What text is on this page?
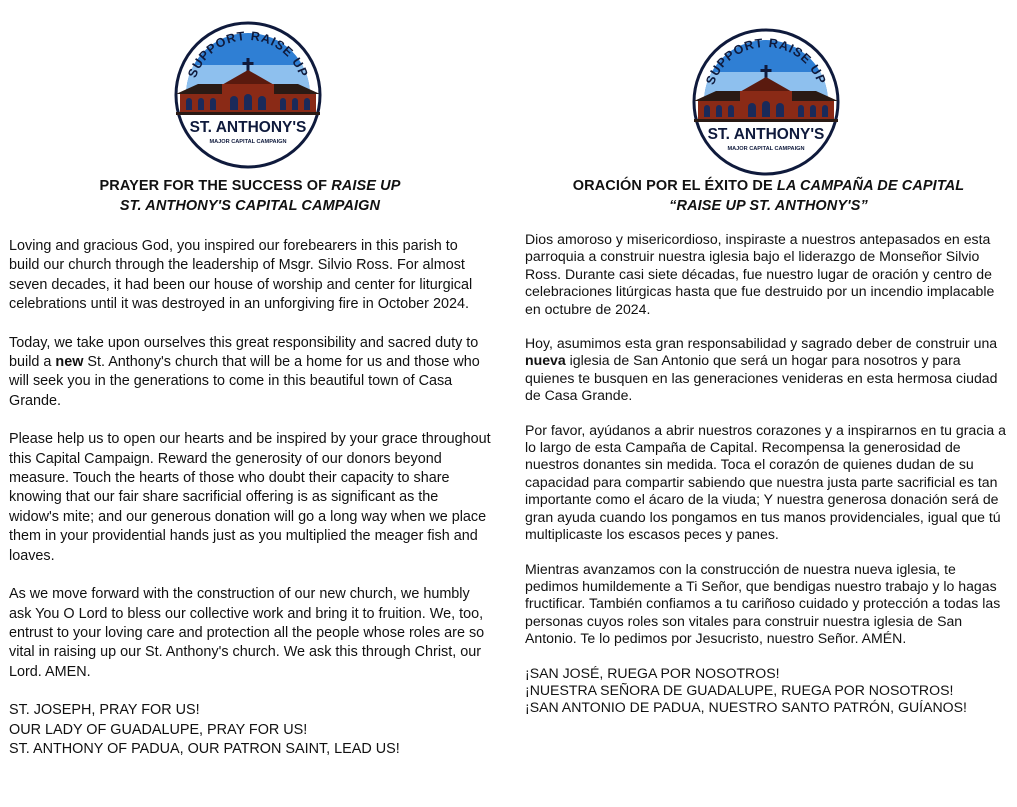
SUPPORT RAISE UP
ST. ANTHONY'S
MAJOR CAPITAL CAMPAIGN
PRAYER FOR THE SUCCESS OF RAISE UP
ST. ANTHONY'S CAPITAL CAMPAIGN

Loving and gracious God, you inspired our forebearers in this parish to build our church through the leadership of Msgr. Silvio Ross. For almost seven decades, it had been our house of worship and center for liturgical celebrations until it was destroyed in an unforgiving fire in October 2024.

Today, we take upon ourselves this great responsibility and sacred duty to build a new St. Anthony's church that will be a home for us and those who will seek you in the generations to come in this beautiful town of Casa Grande.

Please help us to open our hearts and be inspired by your grace throughout this Capital Campaign. Reward the generosity of our donors beyond measure. Touch the hearts of those who doubt their capacity to share knowing that our fair share sacrificial offering is as significant as the widow's mite; and our generous donation will go a long way when we place them in your providential hands just as you multiplied the meager fish and loaves.

As we move forward with the construction of our new church, we humbly ask You O Lord to bless our collective work and bring it to fruition. We, too, entrust to your loving care and protection all the people whose roles are so vital in raising up our St. Anthony's church. We ask this through Christ, our Lord. AMEN.

ST. JOSEPH, PRAY FOR US!

OUR LADY OF GUADALUPE, PRAY FOR US!

ST. ANTHONY OF PADUA, OUR PATRON SAINT, LEAD US!

ORACIÓN POR EL ÉXITO DE LA CAMPAÑA DE CAPITAL
“RAISE UP ST. ANTHONY'S”

Dios amoroso y misericordioso, inspiraste a nuestros antepasados en esta parroquia a construir nuestra iglesia bajo el liderazgo de Monseñor Silvio Ross. Durante casi siete décadas, fue nuestro lugar de oración y centro de celebraciones litúrgicas hasta que fue destruido por un incendio implacable en octubre de 2024.

Hoy, asumimos esta gran responsabilidad y sagrado deber de construir una nueva iglesia de San Antonio que será un hogar para nosotros y para quienes te busquen en las generaciones venideras en esta hermosa ciudad de Casa Grande.

Por favor, ayúdanos a abrir nuestros corazones y a inspirarnos en tu gracia a lo largo de esta Campaña de Capital. Recompensa la generosidad de nuestros donantes sin medida. Toca el corazón de quienes dudan de su capacidad para compartir sabiendo que nuestra justa parte sacrificial es tan importante como el ácaro de la viuda; Y nuestra generosa donación será de gran ayuda cuando los pongamos en tus manos providenciales, igual que tú multiplicaste los escasos peces y panes.

Mientras avanzamos con la construcción de nuestra nueva iglesia, te pedimos humildemente a Ti Señor, que bendigas nuestro trabajo y lo hagas fructificar. También confiamos a tu cariñoso cuidado y protección a todas las personas cuyos roles son vitales para construir nuestra iglesia de San Antonio. Te lo pedimos por Jesucristo, nuestro Señor. AMÉN.

¡SAN JOSÉ, RUEGA POR NOSOTROS!

¡NUESTRA SEÑORA DE GUADALUPE, RUEGA POR NOSOTROS!

¡SAN ANTONIO DE PADUA, NUESTRO SANTO PATRÓN, GUÍANOS!

SUPPORT RAISE UP
ST. ANTHONY'S
MAJOR CAPITAL CAMPAIGN
